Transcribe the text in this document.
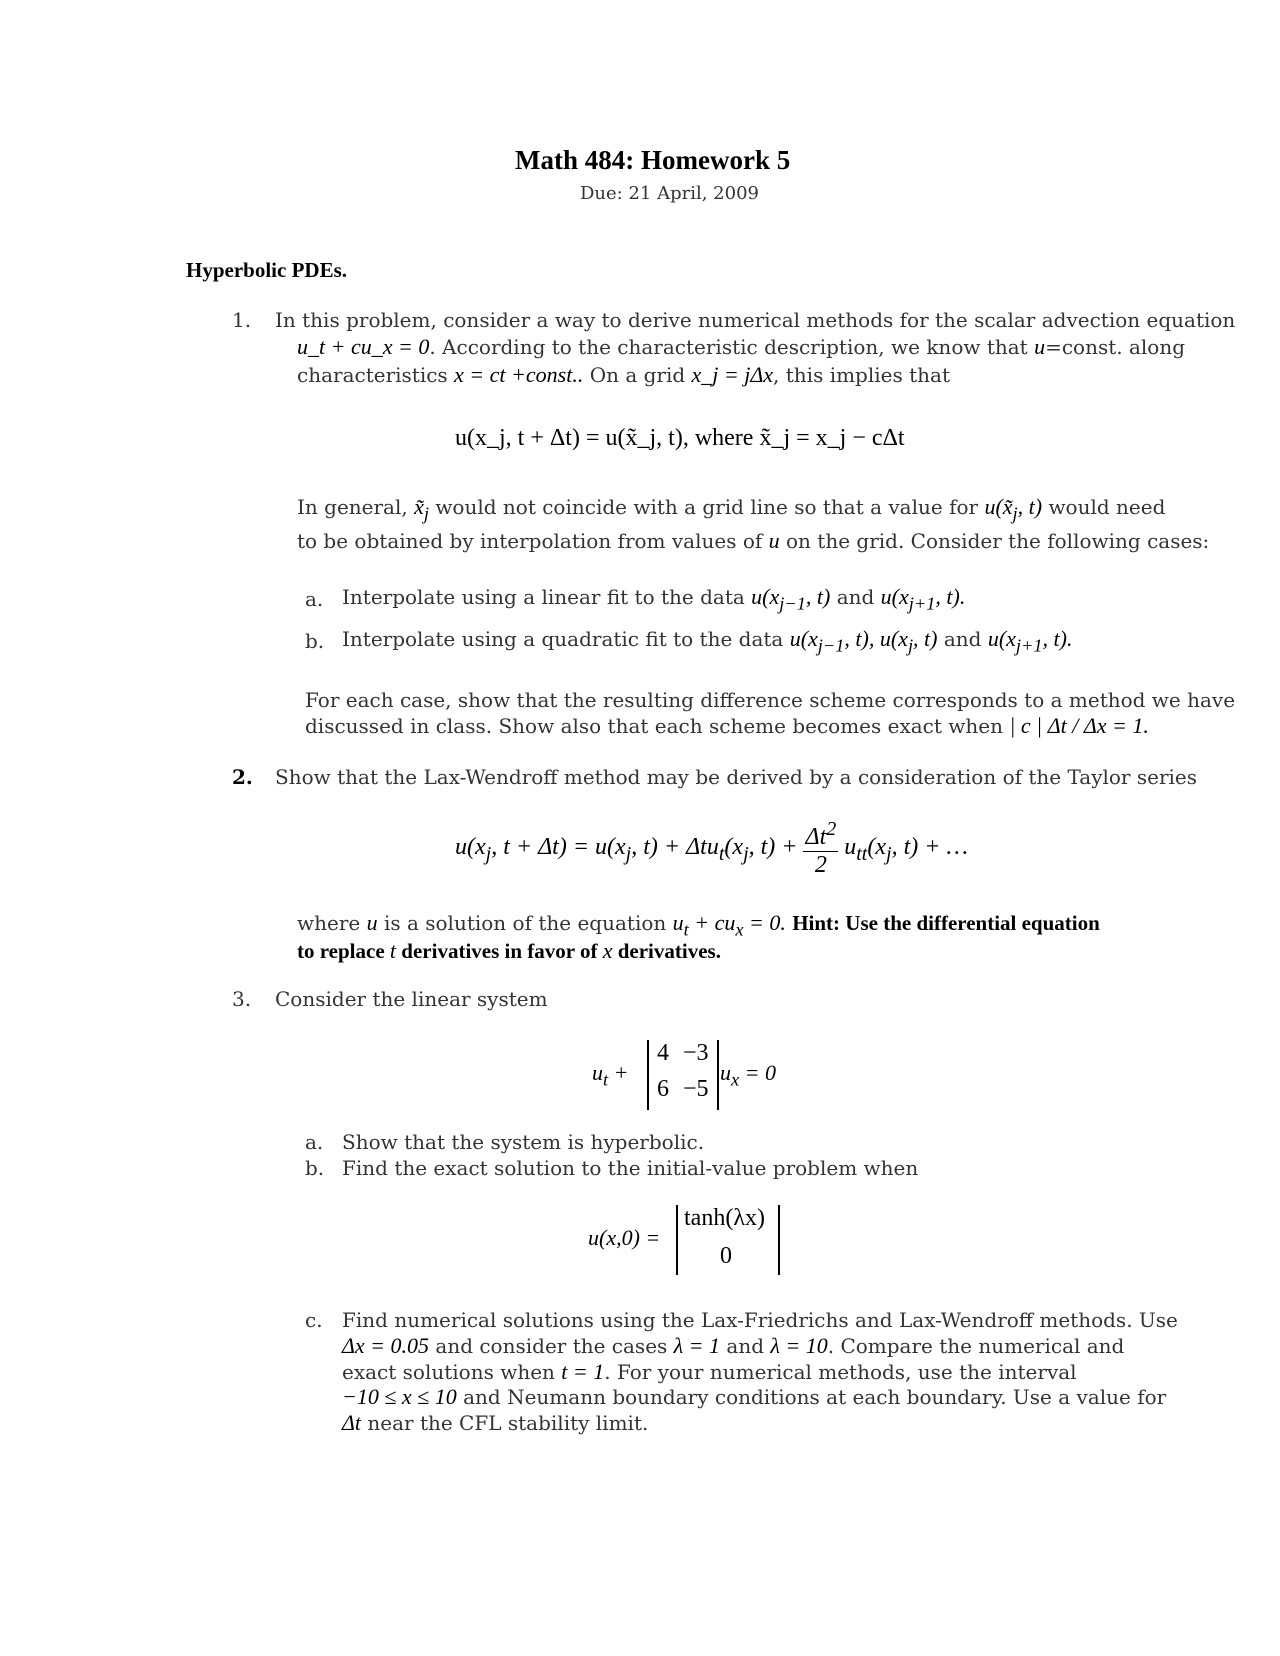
Math 484: Homework 5
Due: 21 April, 2009
Hyperbolic PDEs.
1. In this problem, consider a way to derive numerical methods for the scalar advection equation
u_t + cu_x = 0. According to the characteristic description, we know that u=const. along
characteristics x = ct +const.. On a grid x_j = jΔx, this implies that
u(x_j, t + Δt) = u(x̃_j, t), where x̃_j = x_j − cΔt
In general, $x̃_j$ would not coincide with a grid line so that a value for $u(x̃_j$, t) would need
to be obtained by interpolation from values of u on the grid. Consider the following cases:
a. Interpolate using a linear fit to the data $u(x_{j-1}$, t) and $u(x_{j+1}$, t).
b. Interpolate using a quadratic fit to the data $u(x_{j-1}$, t), $u(x_j$, t) and $u(x_{j+1}$, t).
For each case, show that the resulting difference scheme corresponds to a method we have
discussed in class. Show also that each scheme becomes exact when | c | Δt / Δx = 1.
2. Show that the Lax-Wendroff method may be derived by a consideration of the Taylor series
$u(x_j$, $t + \Delta t) = u(x_j$, $t) + \Delta tu_t(x_j$, $t) + \frac{\Delta t^2}{2} u_{tt}(x_j$, t) + …
where u is a solution of the equation $u_t + cu_x = 0$. Hint: Use the differential equation
to replace t derivatives in favor of x derivatives.
3. Consider the linear system
$u_t$ +
4 −3
6 −5
$u_x = 0$
a. Show that the system is hyperbolic.
b. Find the exact solution to the initial-value problem when
u(x,0) =
tanh(λx)
0
c. Find numerical solutions using the Lax-Friedrichs and Lax-Wendroff methods. Use
Δx = 0.05 and consider the cases λ = 1 and λ = 10. Compare the numerical and
exact solutions when t = 1. For your numerical methods, use the interval
−10 ≤ x ≤ 10 and Neumann boundary conditions at each boundary. Use a value for
Δt near the CFL stability limit.
